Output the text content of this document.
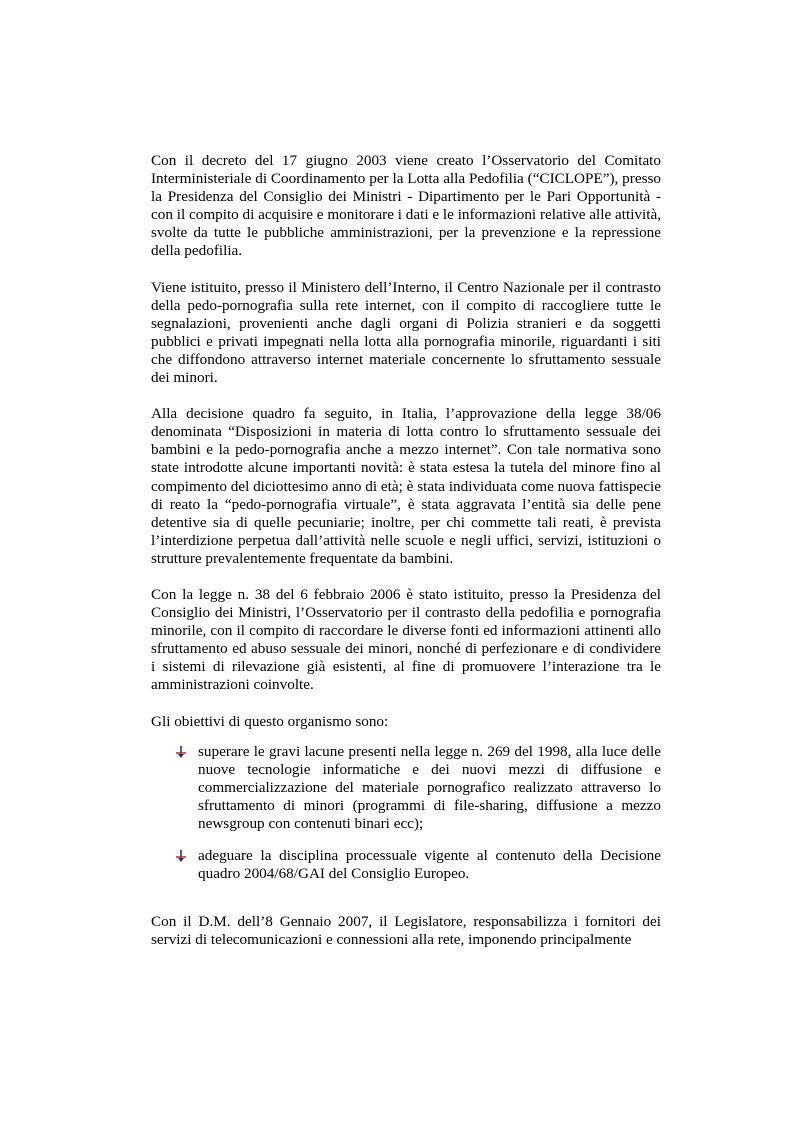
Con il decreto del 17 giugno 2003 viene creato l’Osservatorio del Comitato Interministeriale di Coordinamento per la Lotta alla Pedofilia (“CICLOPE”), presso la Presidenza del Consiglio dei Ministri - Dipartimento per le Pari Opportunità - con il compito di acquisire e monitorare i dati e le informazioni relative alle attività, svolte da tutte le pubbliche amministrazioni, per la prevenzione e la repressione della pedofilia.

Viene istituito, presso il Ministero dell’Interno, il Centro Nazionale per il contrasto della pedo-pornografia sulla rete internet, con il compito di raccogliere tutte le segnalazioni, provenienti anche dagli organi di Polizia stranieri e da soggetti pubblici e privati impegnati nella lotta alla pornografia minorile, riguardanti i siti che diffondono attraverso internet materiale concernente lo sfruttamento sessuale dei minori.

Alla decisione quadro fa seguito, in Italia, l’approvazione della legge 38/06 denominata “Disposizioni in materia di lotta contro lo sfruttamento sessuale dei bambini e la pedo-pornografia anche a mezzo internet”. Con tale normativa sono state introdotte alcune importanti novità: è stata estesa la tutela del minore fino al compimento del diciottesimo anno di età; è stata individuata come nuova fattispecie di reato la “pedo-pornografia virtuale”, è stata aggravata l’entità sia delle pene detentive sia di quelle pecuniarie; inoltre, per chi commette tali reati, è prevista l’interdizione perpetua dall’attività nelle scuole e negli uffici, servizi, istituzioni o strutture prevalentemente frequentate da bambini.

Con la legge n. 38 del 6 febbraio 2006 è stato istituito, presso la Presidenza del Consiglio dei Ministri, l’Osservatorio per il contrasto della pedofilia e pornografia minorile, con il compito di raccordare le diverse fonti ed informazioni attinenti allo sfruttamento ed abuso sessuale dei minori, nonché di perfezionare e di condividere i sistemi di rilevazione già esistenti, al fine di promuovere l’interazione tra le amministrazioni coinvolte.

Gli obiettivi di questo organismo sono:

superare le gravi lacune presenti nella legge n. 269 del 1998, alla luce delle nuove tecnologie informatiche e dei nuovi mezzi di diffusione e commercializzazione del materiale pornografico realizzato attraverso lo sfruttamento di minori (programmi di file-sharing, diffusione a mezzo newsgroup con contenuti binari ecc);
adeguare la disciplina processuale vigente al contenuto della Decisione quadro 2004/68/GAI del Consiglio Europeo.

Con il D.M. dell’8 Gennaio 2007, il Legislatore, responsabilizza i fornitori dei servizi di telecomunicazioni e connessioni alla rete, imponendo principalmente
